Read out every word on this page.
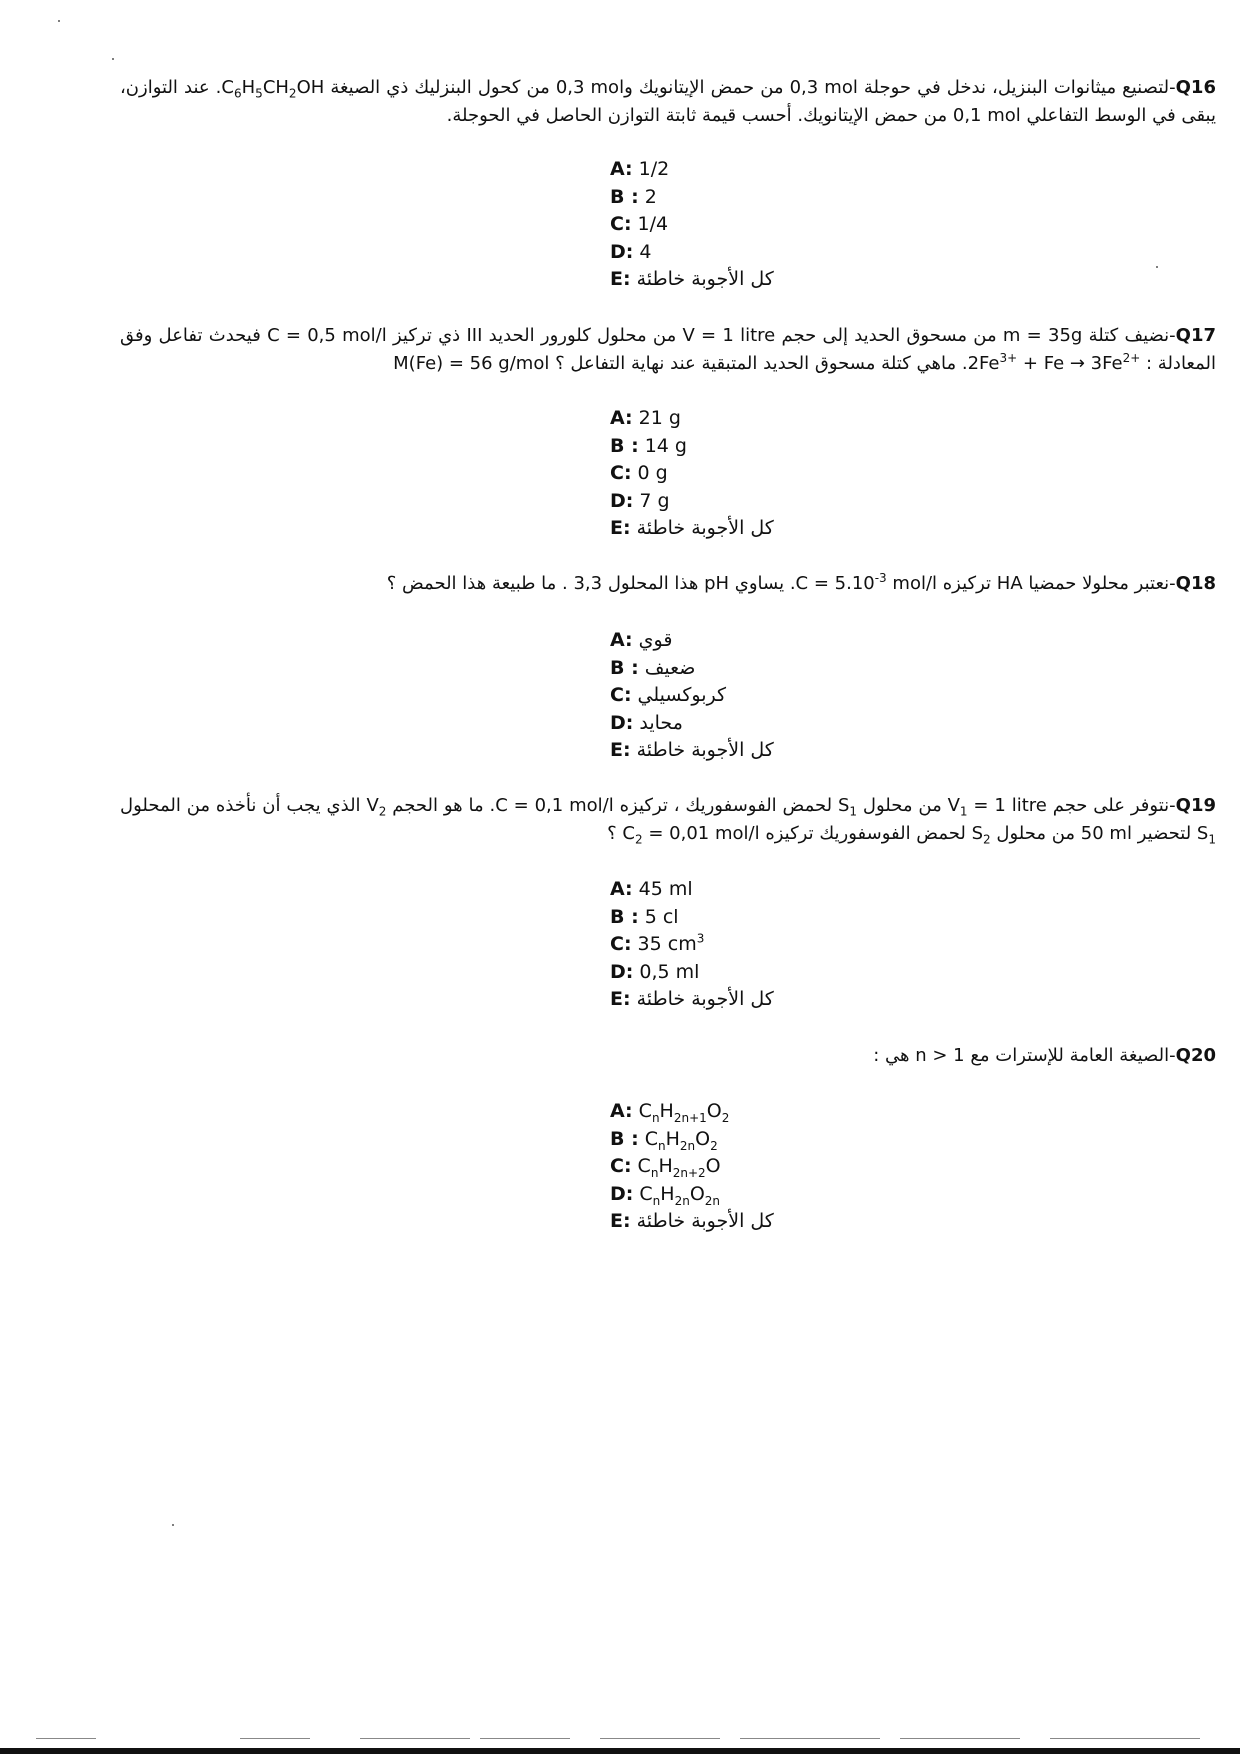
Q16-لتصنيع ميثانوات البنزيل، ندخل في حوجلة 0,3 mol من حمض الإيتانويك و0,3 mol من كحول البنزليك ذي الصيغة $C_6H_5CH_2OH$. عند التوازن، يبقى في الوسط التفاعلي 0,1 mol من حمض الإيتانويك. أحسب قيمة ثابتة التوازن الحاصل في الحوجلة.
A: 1/2
B : 2
C: 1/4
D: 4
E: كل الأجوبة خاطئة
Q17-نضيف كتلة m = 35g من مسحوق الحديد إلى حجم V = 1 litre من محلول كلورور الحديد III ذي تركيز C = 0,5 mol/l فيحدث تفاعل وفق المعادلة : $2Fe^{3+} + Fe \to 3Fe^{2+}$. ماهي كتلة مسحوق الحديد المتبقية عند نهاية التفاعل ؟ M(Fe) = 56 g/mol
A: 21 g
B : 14 g
C: 0 g
D: 7 g
E: كل الأجوبة خاطئة
Q18-نعتبر محلولا حمضيا HA تركيزه $C = 5.10^{-3}$ mol/l. يساوي pH هذا المحلول 3,3 . ما طبيعة هذا الحمض ؟
A: قوي
B : ضعيف
C: كربوكسيلي
D: محايد
E: كل الأجوبة خاطئة
Q19-نتوفر على حجم $V_1 = 1$ litre من محلول $S_1$ لحمض الفوسفوريك ، تركيزه C = 0,1 mol/l. ما هو الحجم $V_2$ الذي يجب أن نأخذه من المحلول $S_1$ لتحضير 50 ml من محلول $S_2$ لحمض الفوسفوريك تركيزه $C_2 = 0,01$ mol/l ؟
A: 45 ml
B : 5 cl
C: 35 $cm^3$
D: 0,5 ml
E: كل الأجوبة خاطئة
Q20-الصيغة العامة للإسترات مع n > 1 هي :
A: $C_nH_{2n+1}O_2$
B : $C_nH_{2n}O_2$
C: $C_nH_{2n+2}O$
D: $C_nH_{2n}O_{2n}$
E: كل الأجوبة خاطئة
